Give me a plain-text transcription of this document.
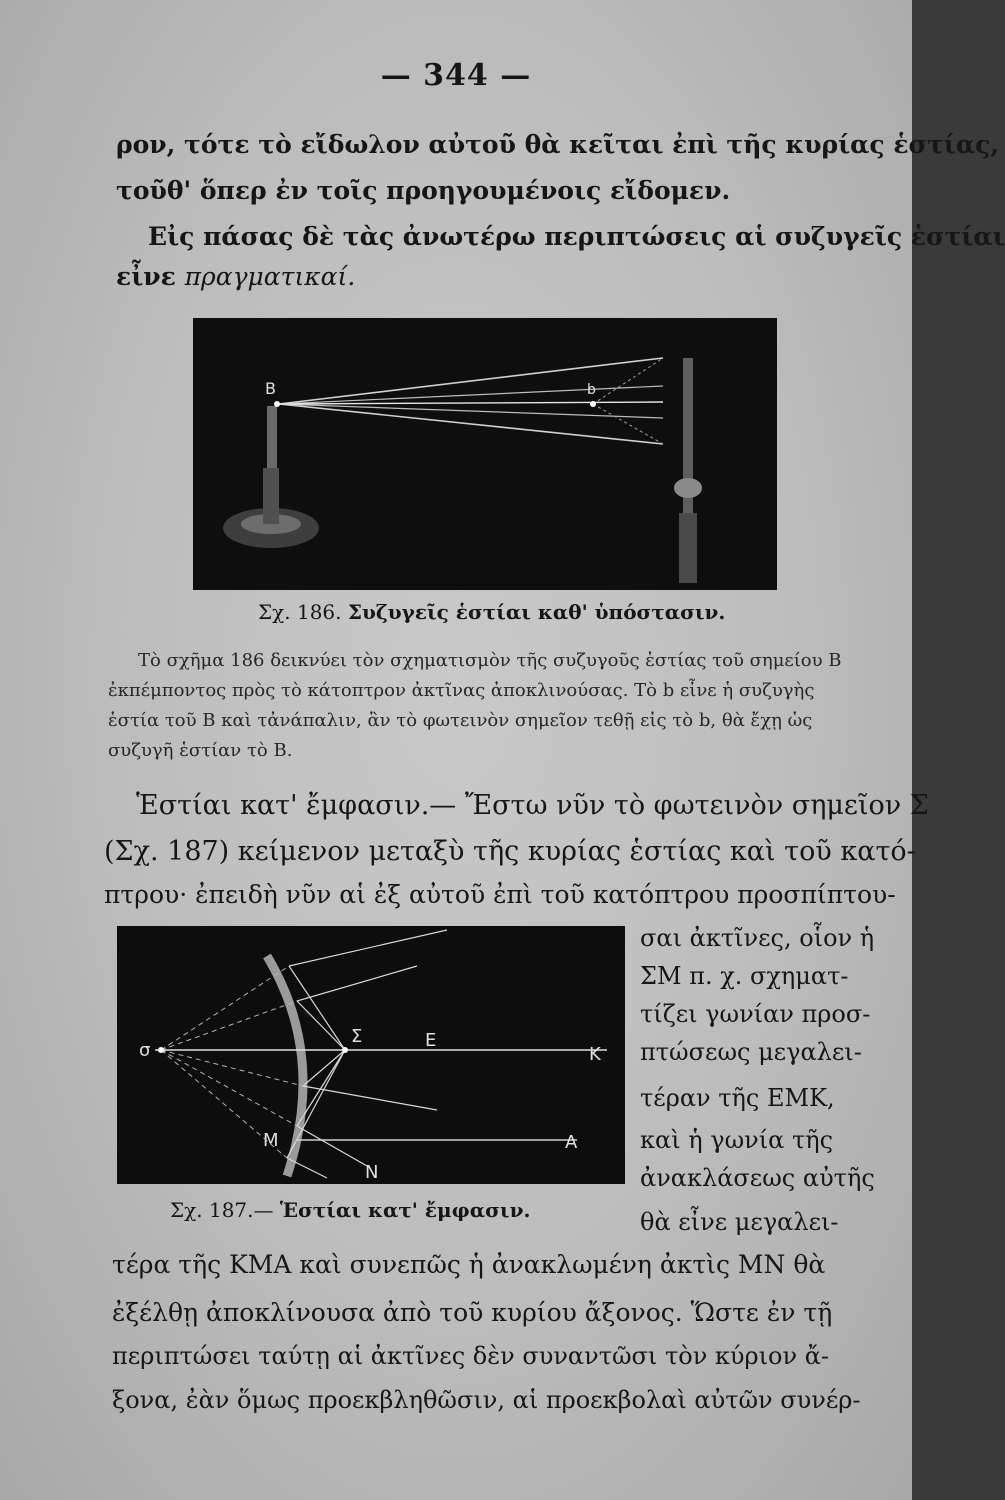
— 344 —
ρον, τότε τὸ εἴδωλον αὐτοῦ θὰ κεῖται ἐπὶ τῆς κυρίας ἑστίας,
τοῦθ' ὅπερ ἐν τοῖς προηγουμένοις εἴδομεν.
Εἰς πάσας δὲ τὰς ἀνωτέρω περιπτώσεις αἱ συζυγεῖς ἑστίαι
εἶνε πραγματικαί.
B	b
Σχ. 186. Συζυγεῖς ἑστίαι καθ' ὑπόστασιν.
Τὸ σχῆμα 186 δεικνύει τὸν σχηματισμὸν τῆς συζυγοῦς ἑστίας τοῦ σημείου B
ἐκπέμποντος πρὸς τὸ κάτοπτρον ἀκτῖνας ἀποκλινούσας. Τὸ b εἶνε ἡ συζυγὴς
ἑστία τοῦ B καὶ τἀνάπαλιν, ἂν τὸ φωτεινὸν σημεῖον τεθῇ εἰς τὸ b, θὰ ἔχῃ ὡς
συζυγῆ ἑστίαν τὸ B.
Ἑστίαι κατ' ἔμφασιν.— Ἔστω νῦν τὸ φωτεινὸν σημεῖον Σ
(Σχ. 187) κείμενον μεταξὺ τῆς κυρίας ἑστίας καὶ τοῦ κατό-
πτρου· ἐπειδὴ νῦν αἱ ἐξ αὐτοῦ ἐπὶ τοῦ κατόπτρου προσπίπτου-
σ
Σ	Ε
Κ
Μ	Α
Ν
Σχ. 187.— Ἑστίαι κατ' ἔμφασιν.
σαι ἀκτῖνες, οἷον ἡ
ΣΜ π. χ. σχηματ-
τίζει γωνίαν προσ-
πτώσεως μεγαλει-
τέραν τῆς ΕΜΚ,
καὶ ἡ γωνία τῆς
ἀνακλάσεως αὐτῆς
θὰ εἶνε μεγαλει-
τέρα τῆς ΚΜΑ καὶ συνεπῶς ἡ ἀνακλωμένη ἀκτὶς ΜΝ θὰ
ἐξέλθῃ ἀποκλίνουσα ἀπὸ τοῦ κυρίου ἄξονος. Ὥστε ἐν τῇ
περιπτώσει ταύτῃ αἱ ἀκτῖνες δὲν συναντῶσι τὸν κύριον ἄ-
ξονα, ἐὰν ὅμως προεκβληθῶσιν, αἱ προεκβολαὶ αὐτῶν συνέρ-
